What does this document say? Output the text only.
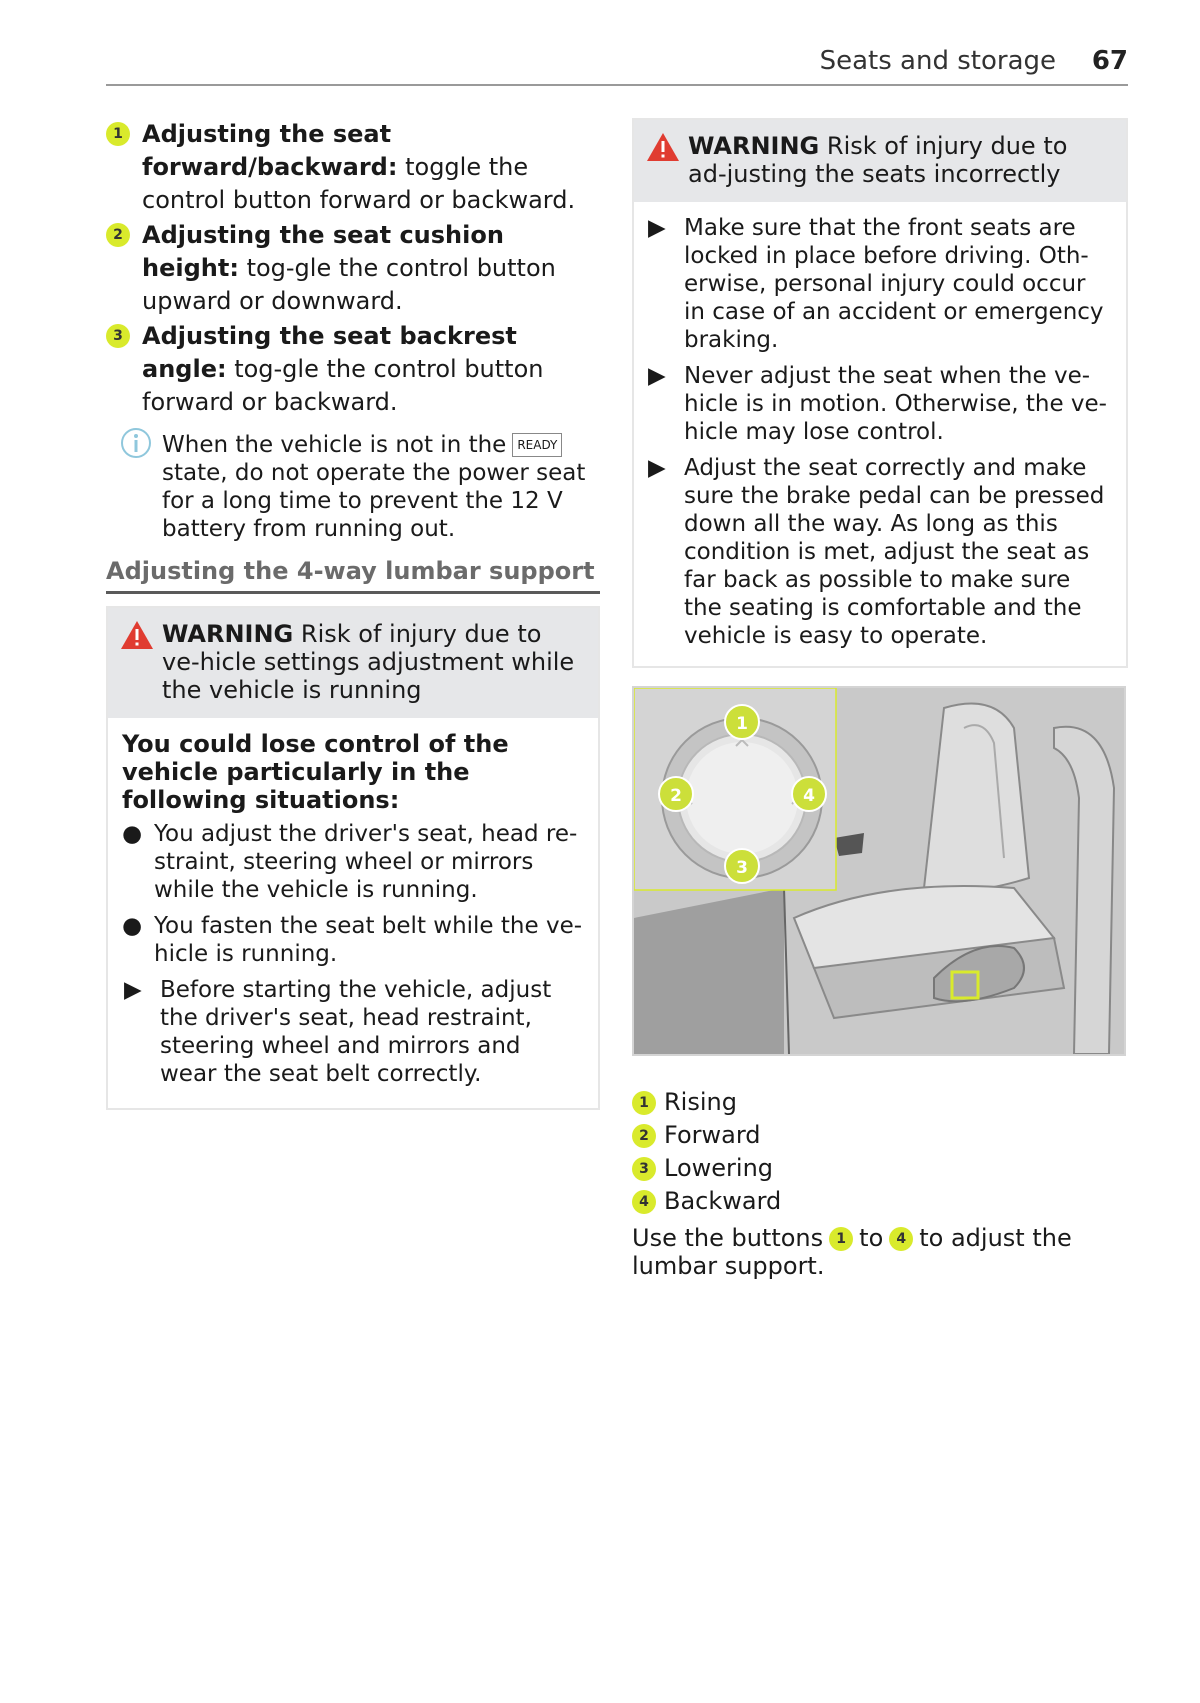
Seats and storage 67
1 Adjusting the seat forward/backward: toggle the control button forward or backward.
2 Adjusting the seat cushion height: tog-gle the control button upward or downward.
3 Adjusting the seat backrest angle: tog-gle the control button forward or backward.
When the vehicle is not in the READY state, do not operate the power seat for a long time to prevent the 12 V battery from running out.
Adjusting the 4-way lumbar support
WARNING Risk of injury due to ve-hicle settings adjustment while the vehicle is running
You could lose control of the vehicle particularly in the following situations:
● You adjust the driver's seat, head re-straint, steering wheel or mirrors while the vehicle is running.
● You fasten the seat belt while the ve-hicle is running.
▶ Before starting the vehicle, adjust the driver's seat, head restraint, steering wheel and mirrors and wear the seat belt correctly.
WARNING Risk of injury due to ad-justing the seats incorrectly
▶ Make sure that the front seats are locked in place before driving. Oth-erwise, personal injury could occur in case of an accident or emergency braking.
▶ Never adjust the seat when the ve-hicle is in motion. Otherwise, the ve-hicle may lose control.
▶ Adjust the seat correctly and make sure the brake pedal can be pressed down all the way. As long as this condition is met, adjust the seat as far back as possible to make sure the seating is comfortable and the vehicle is easy to operate.
1
2
3
4
1 Rising
2 Forward
3 Lowering
4 Backward
Use the buttons 1 to 4 to adjust the lumbar support.
